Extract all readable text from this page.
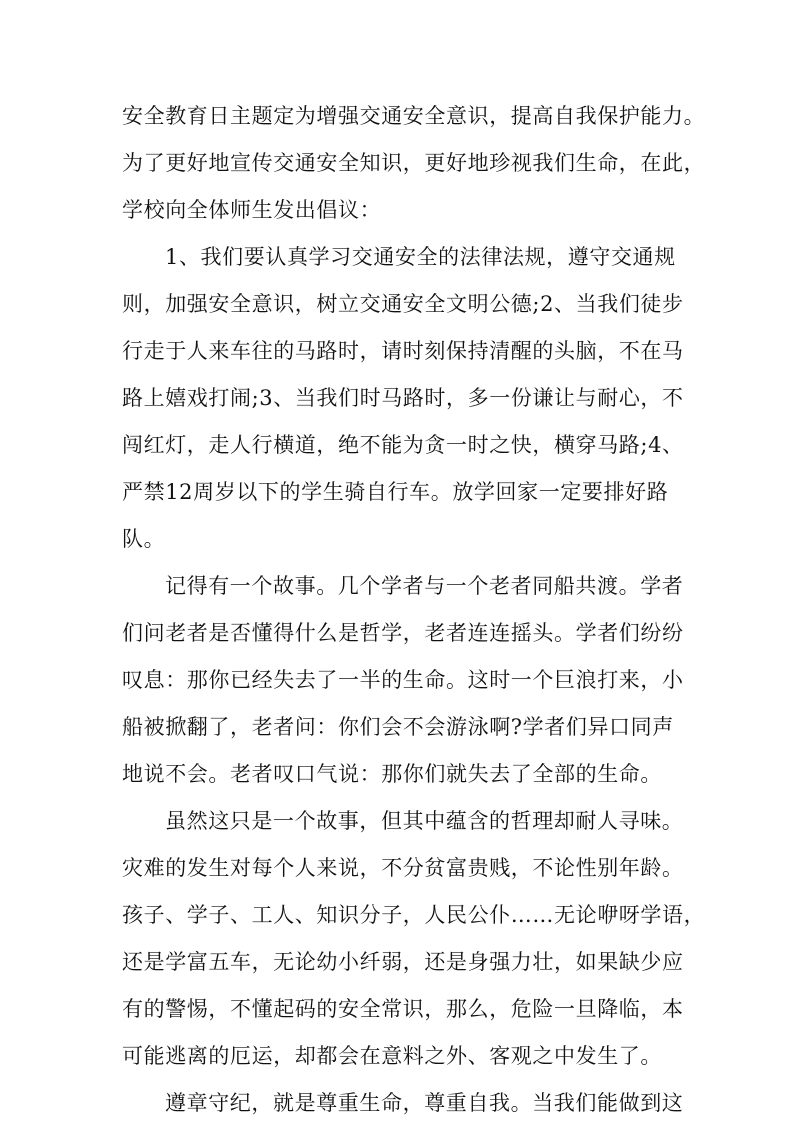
安全教育日主题定为增强交通安全意识，提高自我保护能力。
为了更好地宣传交通安全知识，更好地珍视我们生命，在此，
学校向全体师生发出倡议：
1、我们要认真学习交通安全的法律法规，遵守交通规
则，加强安全意识，树立交通安全文明公德;2、当我们徒步
行走于人来车往的马路时，请时刻保持清醒的头脑，不在马
路上嬉戏打闹;3、当我们时马路时，多一份谦让与耐心，不
闯红灯，走人行横道，绝不能为贪一时之快，横穿马路;4、
严禁12周岁以下的学生骑自行车。放学回家一定要排好路
队。
记得有一个故事。几个学者与一个老者同船共渡。学者
们问老者是否懂得什么是哲学，老者连连摇头。学者们纷纷
叹息：那你已经失去了一半的生命。这时一个巨浪打来，小
船被掀翻了，老者问：你们会不会游泳啊?学者们异口同声
地说不会。老者叹口气说：那你们就失去了全部的生命。
虽然这只是一个故事，但其中蕴含的哲理却耐人寻味。
灾难的发生对每个人来说，不分贫富贵贱，不论性别年龄。
孩子、学子、工人、知识分子，人民公仆……无论咿呀学语，
还是学富五车，无论幼小纤弱，还是身强力壮，如果缺少应
有的警惕，不懂起码的安全常识，那么，危险一旦降临，本
可能逃离的厄运，却都会在意料之外、客观之中发生了。
遵章守纪，就是尊重生命，尊重自我。当我们能做到这
